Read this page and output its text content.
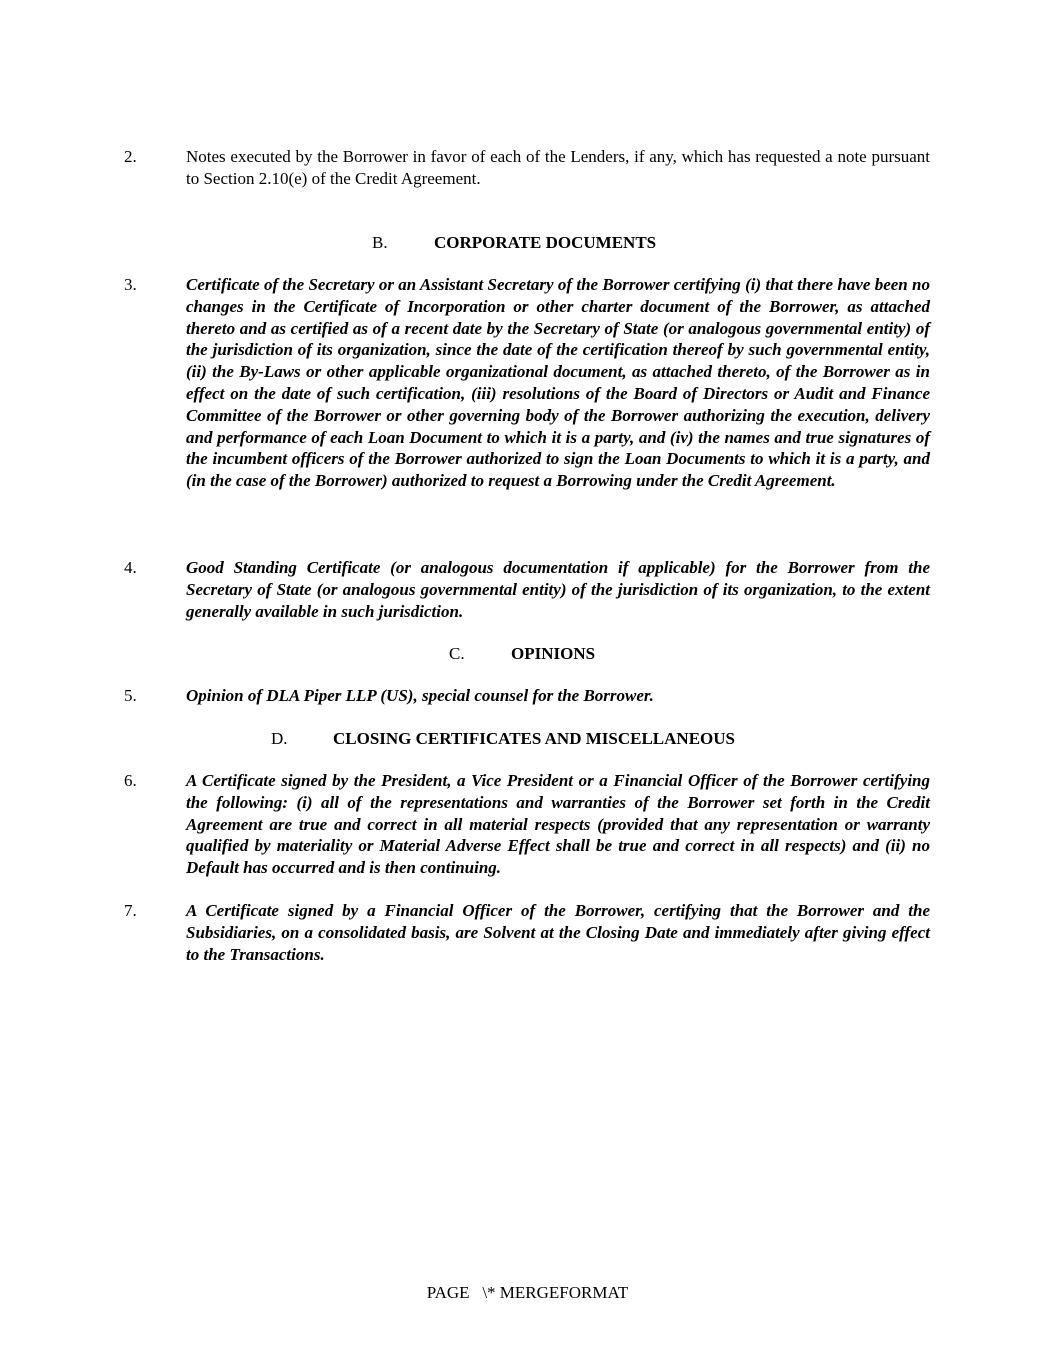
2.	Notes executed by the Borrower in favor of each of the Lenders, if any, which has requested a note pursuant to Section 2.10(e) of the Credit Agreement.
B.	CORPORATE DOCUMENTS
3.	Certificate of the Secretary or an Assistant Secretary of the Borrower certifying (i) that there have been no changes in the Certificate of Incorporation or other charter document of the Borrower, as attached thereto and as certified as of a recent date by the Secretary of State (or analogous governmental entity) of the jurisdiction of its organization, since the date of the certification thereof by such governmental entity, (ii) the By-Laws or other applicable organizational document, as attached thereto, of the Borrower as in effect on the date of such certification, (iii) resolutions of the Board of Directors or Audit and Finance Committee of the Borrower or other governing body of the Borrower authorizing the execution, delivery and performance of each Loan Document to which it is a party, and (iv) the names and true signatures of the incumbent officers of the Borrower authorized to sign the Loan Documents to which it is a party, and (in the case of the Borrower) authorized to request a Borrowing under the Credit Agreement.
4.	Good Standing Certificate (or analogous documentation if applicable) for the Borrower from the Secretary of State (or analogous governmental entity) of the jurisdiction of its organization, to the extent generally available in such jurisdiction.
C.	OPINIONS
5.	Opinion of DLA Piper LLP (US), special counsel for the Borrower.
D.	CLOSING CERTIFICATES AND MISCELLANEOUS
6.	A Certificate signed by the President, a Vice President or a Financial Officer of the Borrower certifying the following: (i) all of the representations and warranties of the Borrower set forth in the Credit Agreement are true and correct in all material respects (provided that any representation or warranty qualified by materiality or Material Adverse Effect shall be true and correct in all respects) and (ii) no Default has occurred and is then continuing.
7.	A Certificate signed by a Financial Officer of the Borrower, certifying that the Borrower and the Subsidiaries, on a consolidated basis, are Solvent at the Closing Date and immediately after giving effect to the Transactions.
PAGE   \* MERGEFORMAT
